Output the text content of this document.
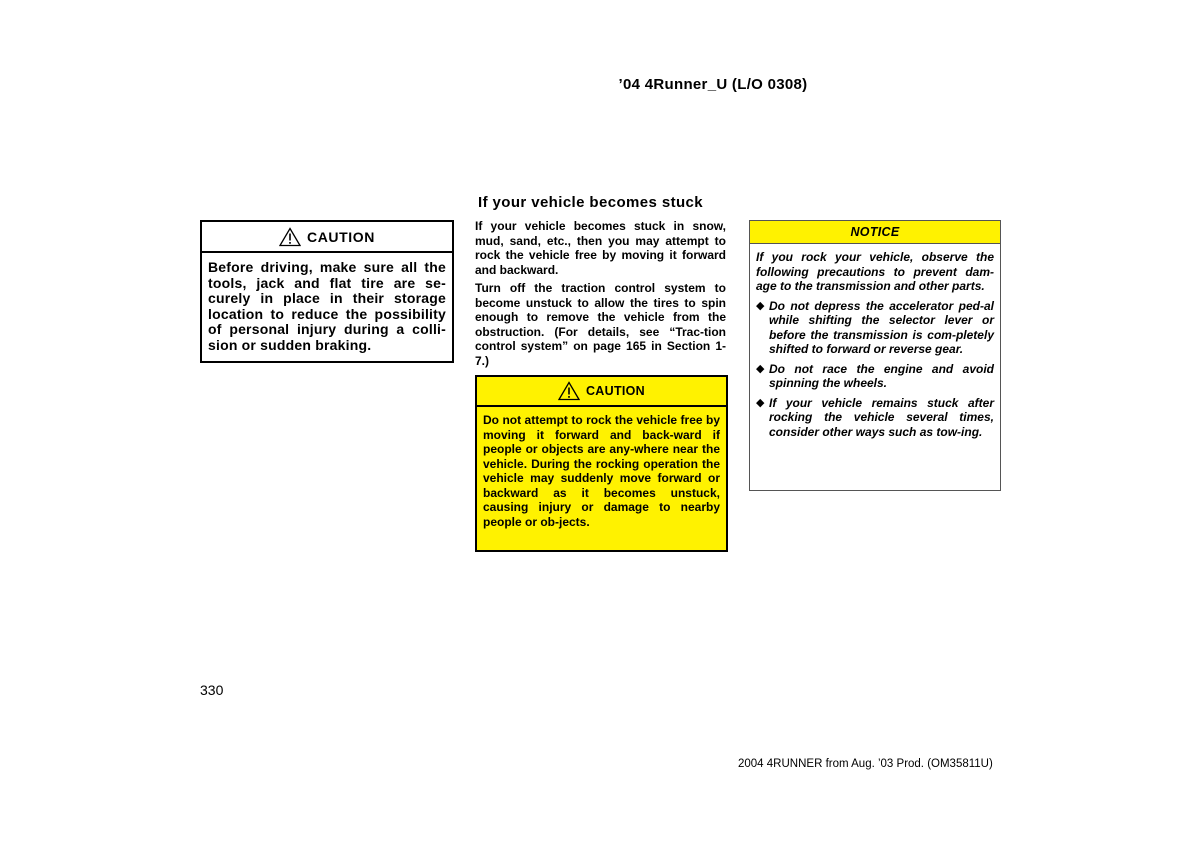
’04 4Runner_U (L/O 0308)
If your vehicle becomes stuck
CAUTION
Before driving, make sure all the tools, jack and flat tire are se-curely in place in their storage location to reduce the possibility of personal injury during a colli-sion or sudden braking.
If your vehicle becomes stuck in snow, mud, sand, etc., then you may attempt to rock the vehicle free by moving it forward and backward.
Turn off the traction control system to become unstuck to allow the tires to spin enough to remove the vehicle from the obstruction. (For details, see “Trac-tion control system” on page 165 in Section 1- 7.)
CAUTION
Do not attempt to rock the vehicle free by moving it forward and back-ward if people or objects are any-where near the vehicle. During the rocking operation the vehicle may suddenly move forward or backward as it becomes unstuck, causing injury or damage to nearby people or ob-jects.
NOTICE

If you rock your vehicle, observe the following precautions to prevent dam-age to the transmission and other parts.

◆ Do not depress the accelerator ped-al while shifting the selector lever or before the transmission is com-pletely shifted to forward or reverse gear.
◆ Do not race the engine and avoid spinning the wheels.
◆ If your vehicle remains stuck after rocking the vehicle several times, consider other ways such as tow-ing.
330
2004 4RUNNER from Aug. ’03 Prod. (OM35811U)
